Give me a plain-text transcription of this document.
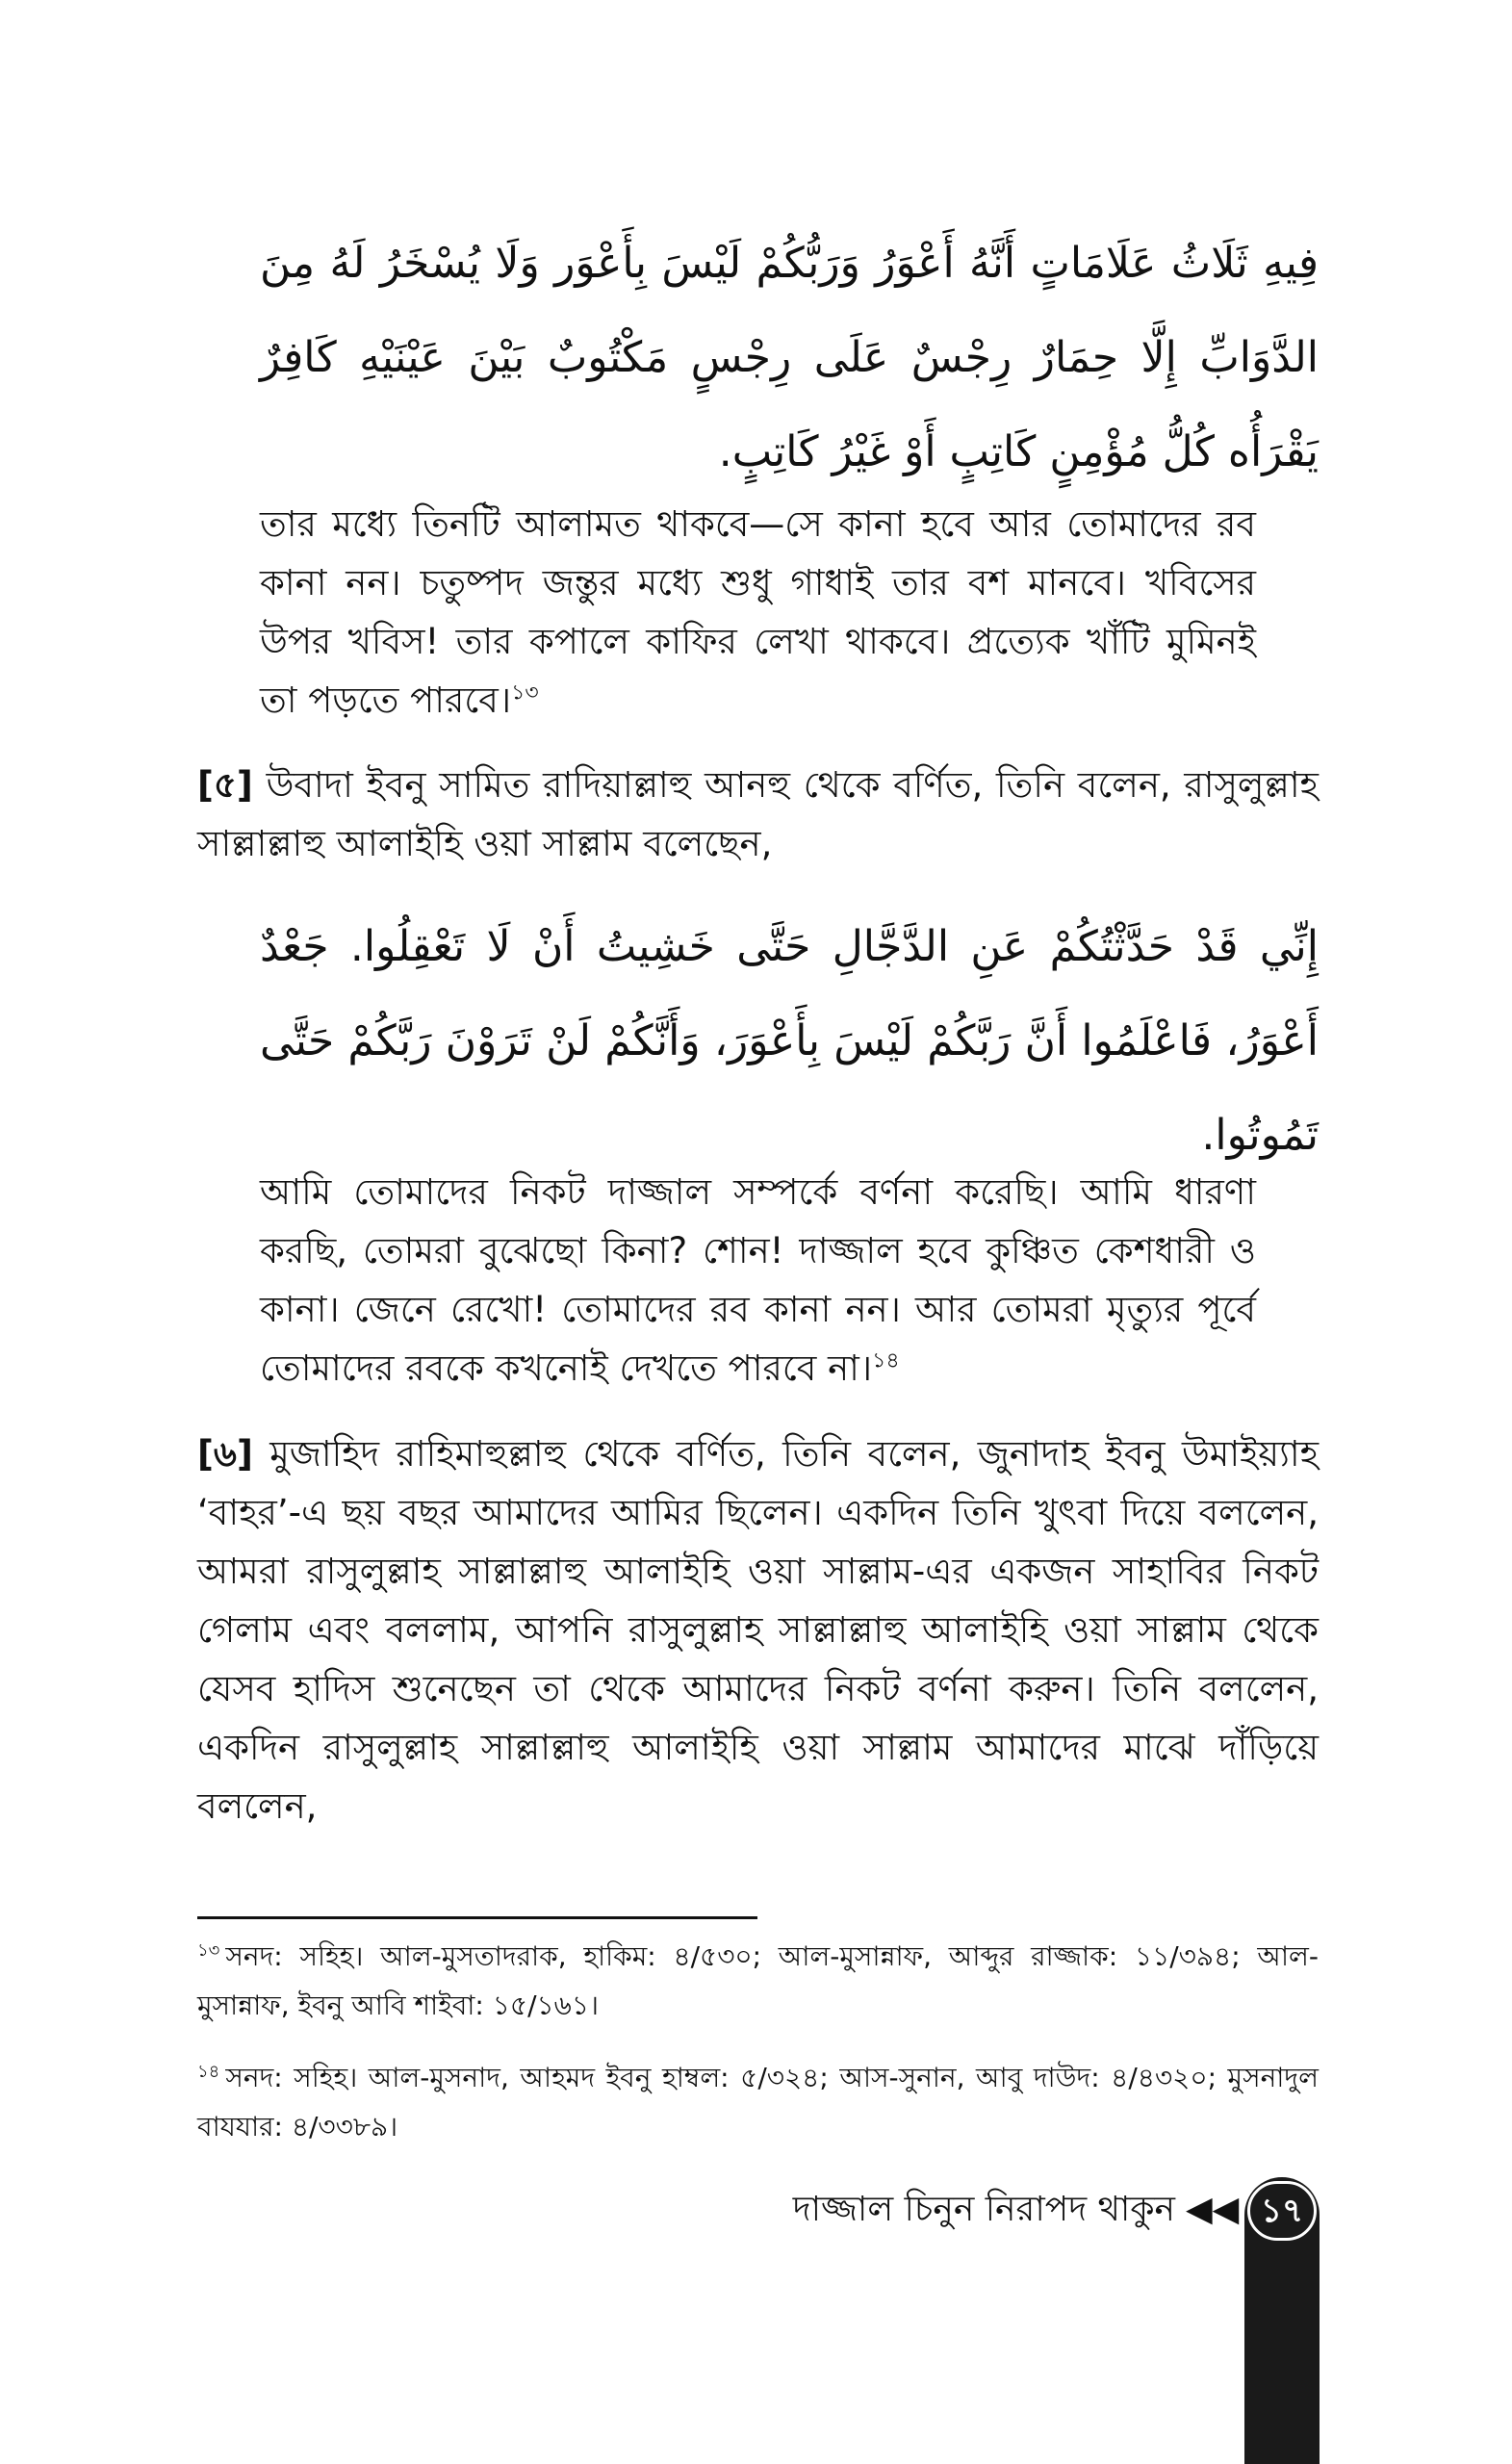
فِيهِ ثَلَاثُ عَلَامَاتٍ أَنَّهُ أَعْوَرُ وَرَبُّكُمْ لَيْسَ بِأَعْوَر وَلَا يُسْخَرُ لَهُ مِنَ الدَّوَابِّ إِلَّا حِمَارٌ رِجْسٌ عَلَى رِجْسٍ مَكْتُوبٌ بَيْنَ عَيْنَيْهِ كَافِرٌ يَقْرَأُه كُلُّ مُؤْمِنٍ كَاتِبٍ أَوْ غَيْرُ كَاتِبٍ.
তার মধ্যে তিনটি আলামত থাকবে—সে কানা হবে আর তোমাদের রব কানা নন। চতুষ্পদ জন্তুর মধ্যে শুধু গাধাই তার বশ মানবে। খবিসের উপর খবিস! তার কপালে কাফির লেখা থাকবে। প্রত্যেক খাঁটি মুমিনই তা পড়তে পারবে।$^{১৩}$
[৫] উবাদা ইবনু সামিত রাদিয়াল্লাহু আনহু থেকে বর্ণিত, তিনি বলেন, রাসুলুল্লাহ সাল্লাল্লাহু আলাইহি ওয়া সাল্লাম বলেছেন,
إِنِّي قَدْ حَدَّثْتُكُمْ عَنِ الدَّجَّالِ حَتَّى خَشِيتُ أَنْ لَا تَعْقِلُوا. جَعْدٌ أَعْوَرُ، فَاعْلَمُوا أَنَّ رَبَّكُمْ لَيْسَ بِأَعْوَرَ، وَأَنَّكُمْ لَنْ تَرَوْنَ رَبَّكُمْ حَتَّى تَمُوتُوا.
আমি তোমাদের নিকট দাজ্জাল সম্পর্কে বর্ণনা করেছি। আমি ধারণা করছি, তোমরা বুঝেছো কিনা? শোন! দাজ্জাল হবে কুঞ্চিত কেশধারী ও কানা। জেনে রেখো! তোমাদের রব কানা নন। আর তোমরা মৃত্যুর পূর্বে তোমাদের রবকে কখনোই দেখতে পারবে না।$^{১৪}$
[৬] মুজাহিদ রাহিমাহুল্লাহু থেকে বর্ণিত, তিনি বলেন, জুনাদাহ ইবনু উমাইয়্যাহ ‘বাহর’-এ ছয় বছর আমাদের আমির ছিলেন। একদিন তিনি খুৎবা দিয়ে বললেন, আমরা রাসুলুল্লাহ সাল্লাল্লাহু আলাইহি ওয়া সাল্লাম-এর একজন সাহাবির নিকট গেলাম এবং বললাম, আপনি রাসুলুল্লাহ সাল্লাল্লাহু আলাইহি ওয়া সাল্লাম থেকে যেসব হাদিস শুনেছেন তা থেকে আমাদের নিকট বর্ণনা করুন। তিনি বললেন, একদিন রাসুলুল্লাহ সাল্লাল্লাহু আলাইহি ওয়া সাল্লাম আমাদের মাঝে দাঁড়িয়ে বললেন,
$^{১৩}$ সনদ: সহিহ। আল-মুসতাদরাক, হাকিম: ৪/৫৩০; আল-মুসান্নাফ, আব্দুর রাজ্জাক: ১১/৩৯৪; আল-মুসান্নাফ, ইবনু আবি শাইবা: ১৫/১৬১।
$^{১৪}$ সনদ: সহিহ। আল-মুসনাদ, আহমদ ইবনু হাম্বল: ৫/৩২৪; আস-সুনান, আবু দাউদ: ৪/৪৩২০; মুসনাদুল বাযযার: ৪/৩৩৮৯।
দাজ্জাল চিনুন নিরাপদ থাকুন ◀◀ ১৭
